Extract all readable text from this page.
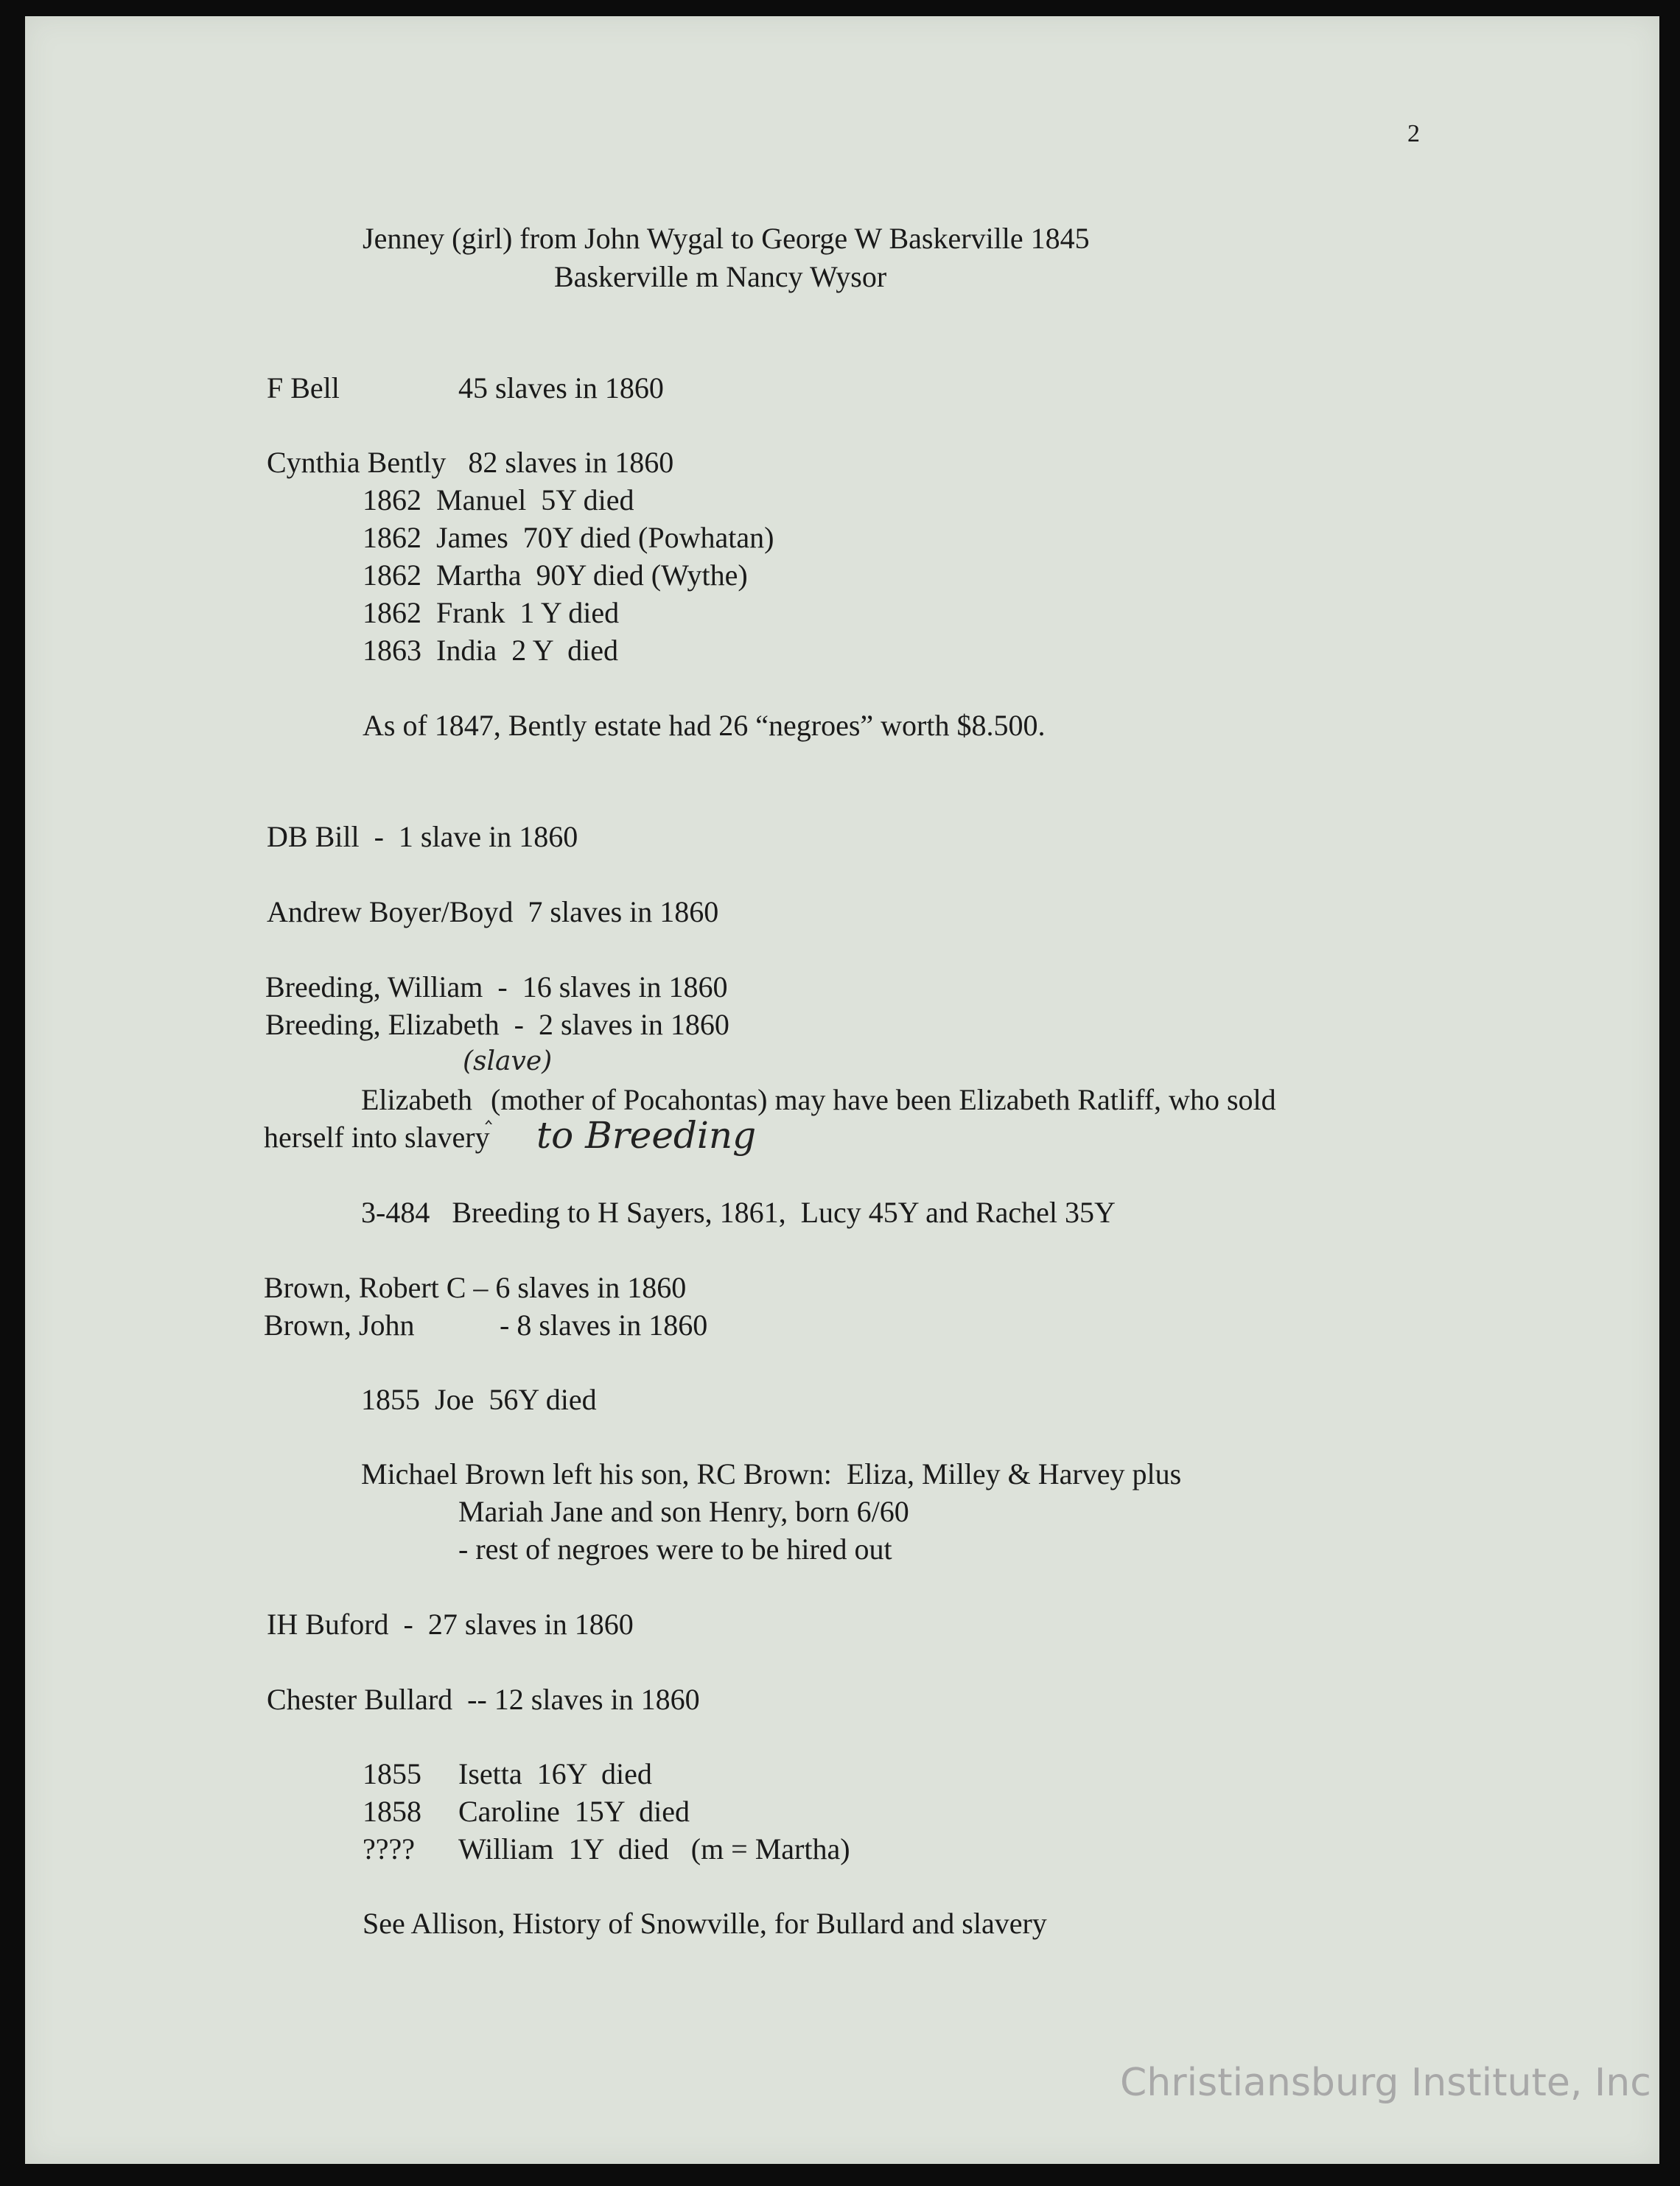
2
Jenney (girl) from John Wygal to George W Baskerville 1845
Baskerville m Nancy Wysor
F Bell	45 slaves in 1860
Cynthia Bently   82 slaves in 1860
1862  Manuel  5Y died
1862  James  70Y died (Powhatan)
1862  Martha  90Y died (Wythe)
1862  Frank  1 Y died
1863  India  2 Y  died
As of 1847, Bently estate had 26 “negroes” worth $8.500.
DB Bill  -  1 slave in 1860
Andrew Boyer/Boyd  7 slaves in 1860
Breeding, William  -  16 slaves in 1860
Breeding, Elizabeth  -  2 slaves in 1860
(slave)
Elizabeth ‸
(mother of Pocahontas) may have been Elizabeth Ratliff, who sold
herself into slavery to Breeding
3-484   Breeding to H Sayers, 1861,  Lucy 45Y and Rachel 35Y
Brown, Robert C – 6 slaves in 1860
Brown, John	- 8 slaves in 1860
1855  Joe  56Y died
Michael Brown left his son, RC Brown:  Eliza, Milley & Harvey plus
Mariah Jane and son Henry, born 6/60
- rest of negroes were to be hired out
IH Buford  -  27 slaves in 1860
Chester Bullard  -- 12 slaves in 1860
1855 Isetta  16Y  died
1858 Caroline  15Y  died
???? William  1Y  died   (m = Martha)
See Allison, History of Snowville, for Bullard and slavery
Christiansburg Institute, Inc
